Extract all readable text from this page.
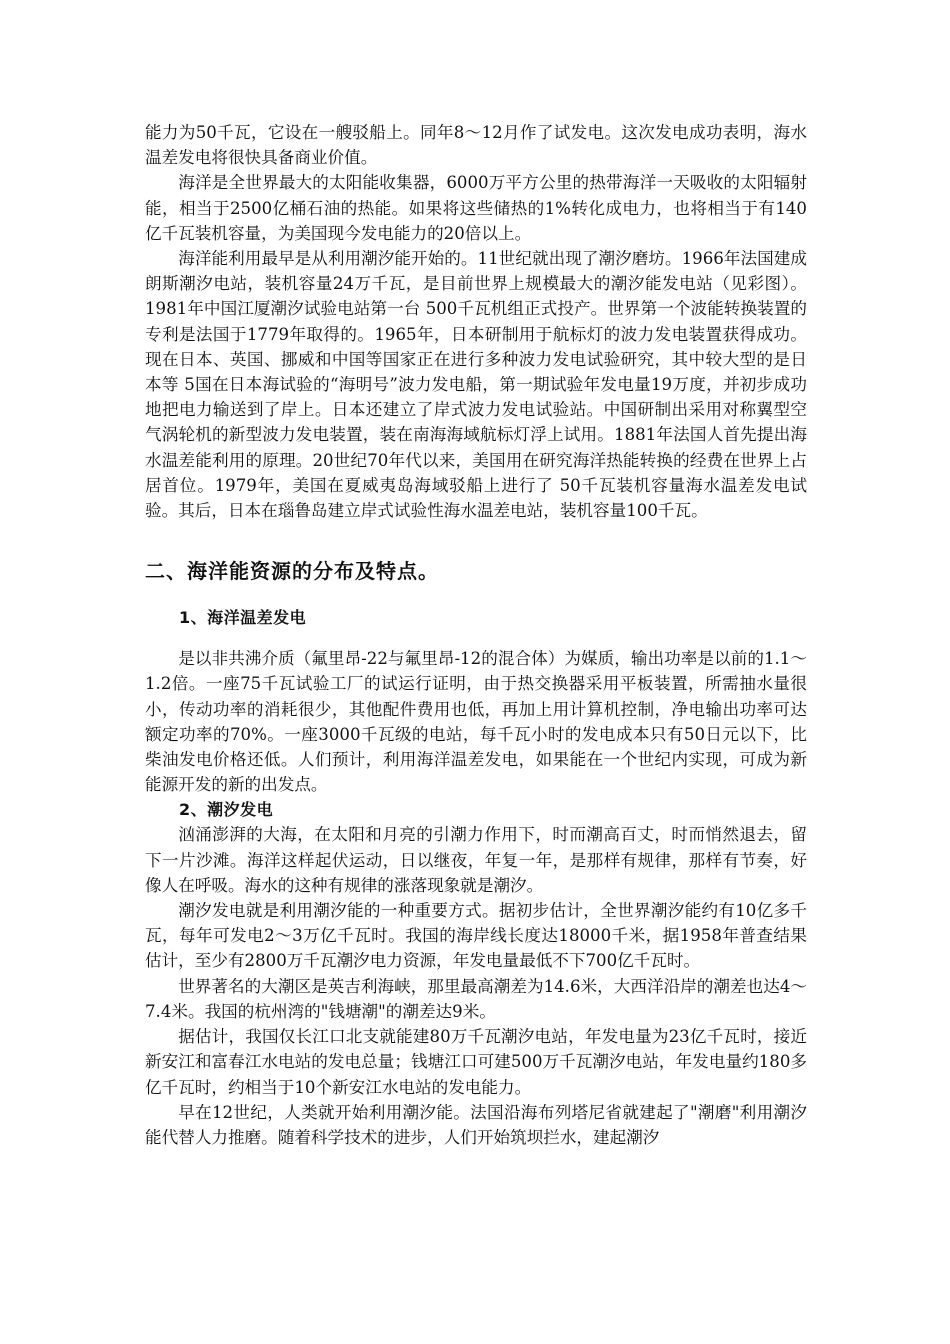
能力为50千瓦，它设在一艘驳船上。同年8～12月作了试发电。这次发电成功表明，海水温差发电将很快具备商业价值。

海洋是全世界最大的太阳能收集器，6000万平方公里的热带海洋一天吸收的太阳辐射能，相当于2500亿桶石油的热能。如果将这些储热的1%转化成电力，也将相当于有140亿千瓦装机容量，为美国现今发电能力的20倍以上。

海洋能利用最早是从利用潮汐能开始的。11世纪就出现了潮汐磨坊。1966年法国建成朗斯潮汐电站，装机容量24万千瓦，是目前世界上规模最大的潮汐能发电站（见彩图）。1981年中国江厦潮汐试验电站第一台 500千瓦机组正式投产。世界第一个波能转换装置的专利是法国于1779年取得的。1965年，日本研制用于航标灯的波力发电装置获得成功。现在日本、英国、挪威和中国等国家正在进行多种波力发电试验研究，其中较大型的是日本等 5国在日本海试验的“海明号”波力发电船，第一期试验年发电量19万度，并初步成功地把电力输送到了岸上。日本还建立了岸式波力发电试验站。中国研制出采用对称翼型空气涡轮机的新型波力发电装置，装在南海海域航标灯浮上试用。1881年法国人首先提出海水温差能利用的原理。20世纪70年代以来，美国用在研究海洋热能转换的经费在世界上占居首位。1979年，美国在夏威夷岛海域驳船上进行了 50千瓦装机容量海水温差发电试验。其后，日本在瑙鲁岛建立岸式试验性海水温差电站，装机容量100千瓦。

二、海洋能资源的分布及特点。
1、海洋温差发电

是以非共沸介质（氟里昂-22与氟里昂-12的混合体）为媒质，输出功率是以前的1.1～1.2倍。一座75千瓦试验工厂的试运行证明，由于热交换器采用平板装置，所需抽水量很小，传动功率的消耗很少，其他配件费用也低，再加上用计算机控制，净电输出功率可达额定功率的70%。一座3000千瓦级的电站，每千瓦小时的发电成本只有50日元以下，比柴油发电价格还低。人们预计，利用海洋温差发电，如果能在一个世纪内实现，可成为新能源开发的新的出发点。

2、潮汐发电

汹涌澎湃的大海，在太阳和月亮的引潮力作用下，时而潮高百丈，时而悄然退去，留下一片沙滩。海洋这样起伏运动，日以继夜，年复一年，是那样有规律，那样有节奏，好像人在呼吸。海水的这种有规律的涨落现象就是潮汐。

潮汐发电就是利用潮汐能的一种重要方式。据初步估计，全世界潮汐能约有10亿多千瓦，每年可发电2～3万亿千瓦时。我国的海岸线长度达18000千米，据1958年普查结果估计，至少有2800万千瓦潮汐电力资源，年发电量最低不下700亿千瓦时。

世界著名的大潮区是英吉利海峡，那里最高潮差为14.6米，大西洋沿岸的潮差也达4～7.4米。我国的杭州湾的"钱塘潮"的潮差达9米。

据估计，我国仅长江口北支就能建80万千瓦潮汐电站，年发电量为23亿千瓦时，接近新安江和富春江水电站的发电总量；钱塘江口可建500万千瓦潮汐电站，年发电量约180多亿千瓦时，约相当于10个新安江水电站的发电能力。

早在12世纪，人类就开始利用潮汐能。法国沿海布列塔尼省就建起了"潮磨"利用潮汐能代替人力推磨。随着科学技术的进步，人们开始筑坝拦水，建起潮汐
